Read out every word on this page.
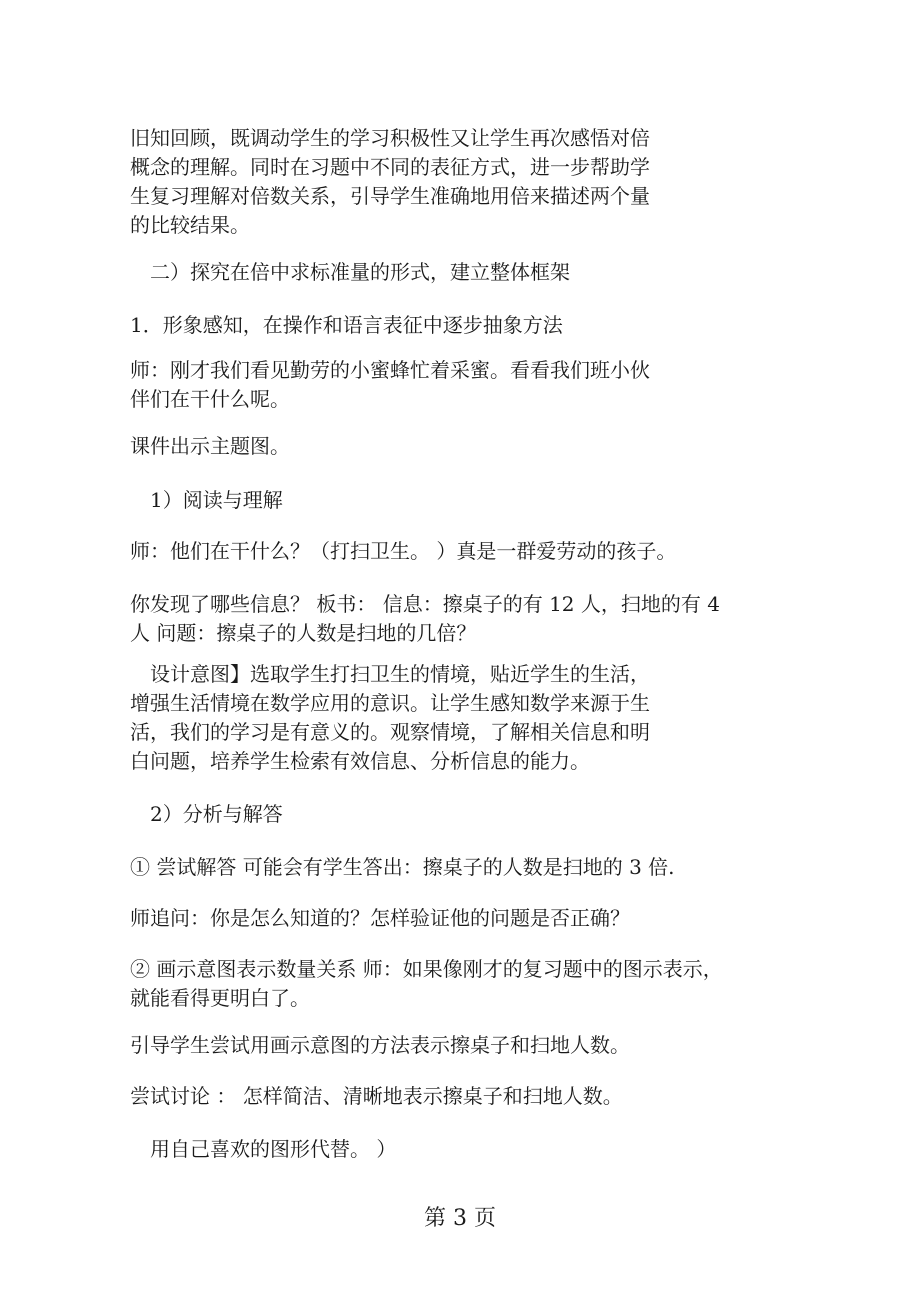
旧知回顾，既调动学生的学习积极性又让学生再次感悟对倍
概念的理解。同时在习题中不同的表征方式，进一步帮助学
生复习理解对倍数关系，引导学生准确地用倍来描述两个量
的比较结果。
二）探究在倍中求标准量的形式，建立整体框架
1．形象感知，在操作和语言表征中逐步抽象方法
师：刚才我们看见勤劳的小蜜蜂忙着采蜜。看看我们班小伙
伴们在干什么呢。
课件出示主题图。
1）阅读与理解
师：他们在干什么？（打扫卫生。 ）真是一群爱劳动的孩子。
你发现了哪些信息？ 板书： 信息：擦桌子的有 12 人，扫地的有 4
人 问题：擦桌子的人数是扫地的几倍？
设计意图】选取学生打扫卫生的情境，贴近学生的生活，
增强生活情境在数学应用的意识。让学生感知数学来源于生
活，我们的学习是有意义的。观察情境，了解相关信息和明
白问题，培养学生检索有效信息、分析信息的能力。
2）分析与解答
① 尝试解答 可能会有学生答出：擦桌子的人数是扫地的 3 倍.
师追问：你是怎么知道的？怎样验证他的问题是否正确？
② 画示意图表示数量关系 师：如果像刚才的复习题中的图示表示，
就能看得更明白了。
引导学生尝试用画示意图的方法表示擦桌子和扫地人数。
尝试讨论 ： 怎样简洁、清晰地表示擦桌子和扫地人数。
用自己喜欢的图形代替。 ）
第 3 页
